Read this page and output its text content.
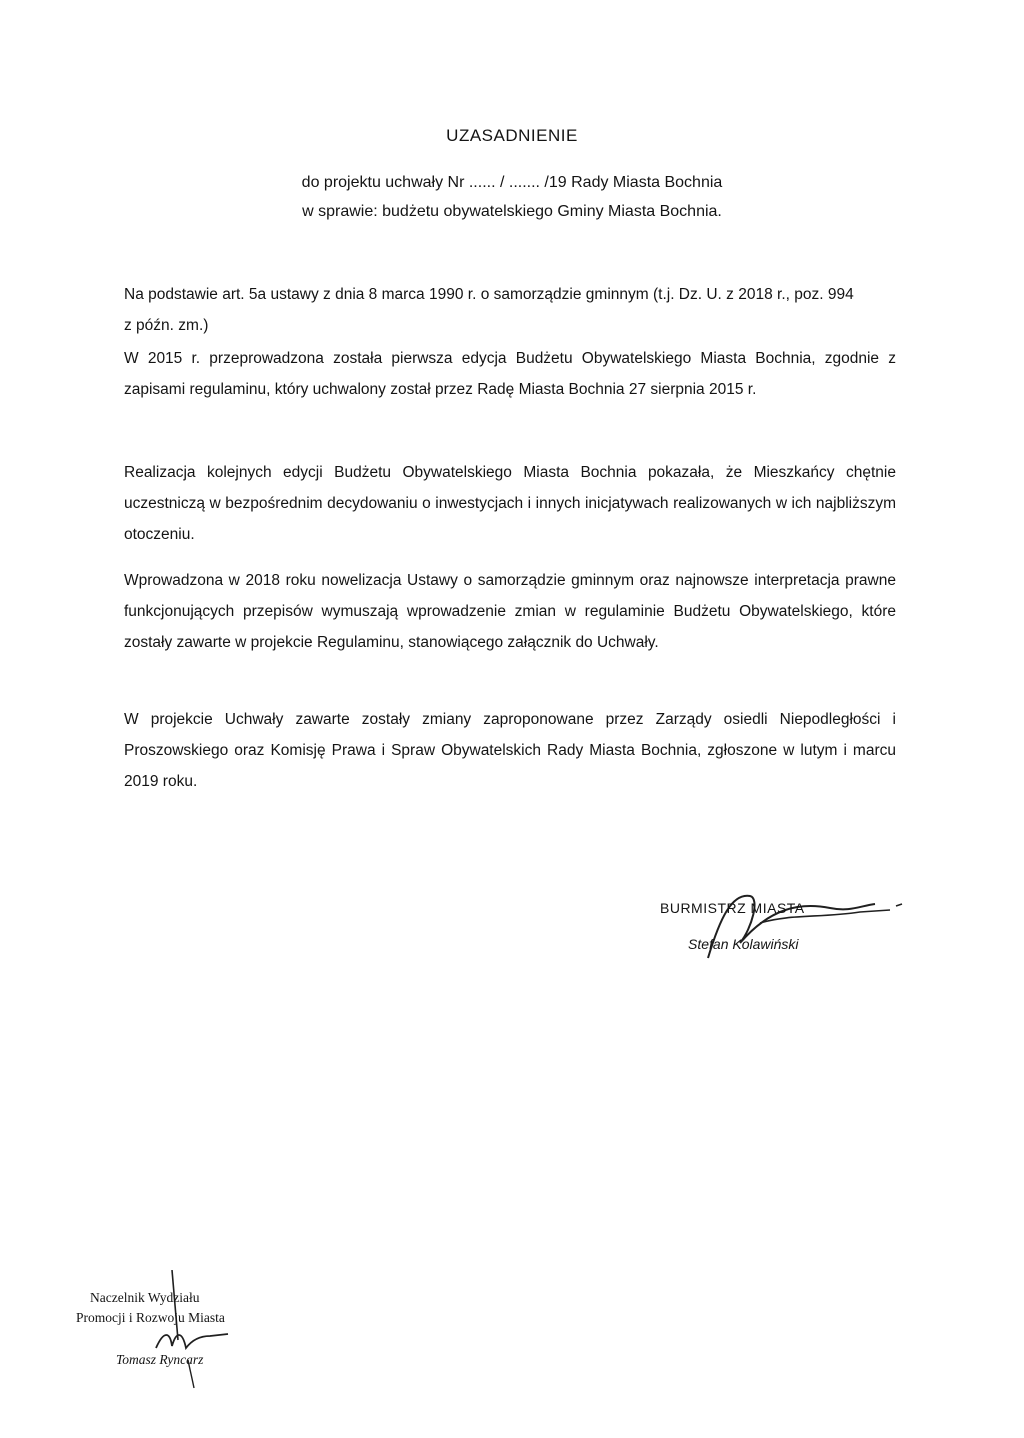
UZASADNIENIE
do projektu uchwały Nr ...... / ....... /19 Rady Miasta Bochnia
w sprawie: budżetu obywatelskiego Gminy Miasta Bochnia.
Na podstawie art. 5a ustawy z dnia 8 marca 1990 r. o samorządzie gminnym (t.j. Dz. U. z 2018 r., poz. 994 z późn. zm.)
W 2015 r. przeprowadzona została pierwsza edycja Budżetu Obywatelskiego Miasta Bochnia, zgodnie z zapisami regulaminu, który uchwalony został przez Radę Miasta Bochnia 27 sierpnia 2015 r.
Realizacja kolejnych edycji Budżetu Obywatelskiego Miasta Bochnia pokazała, że Mieszkańcy chętnie uczestniczą w bezpośrednim decydowaniu o inwestycjach i innych inicjatywach realizowanych w ich najbliższym otoczeniu.
Wprowadzona w 2018 roku nowelizacja Ustawy o samorządzie gminnym oraz najnowsze interpretacja prawne funkcjonujących przepisów wymuszają wprowadzenie zmian w regulaminie Budżetu Obywatelskiego, które zostały zawarte w projekcie Regulaminu, stanowiącego załącznik do Uchwały.
W projekcie Uchwały zawarte zostały zmiany zaproponowane przez Zarządy osiedli Niepodległości i Proszowskiego oraz Komisję Prawa i Spraw Obywatelskich Rady Miasta Bochnia, zgłoszone w lutym i marcu 2019 roku.
BURMISTRZ MIASTA
Stefan Kolawiński
Naczelnik Wydziału
Promocji i Rozwoju Miasta
Tomasz Ryncarz
